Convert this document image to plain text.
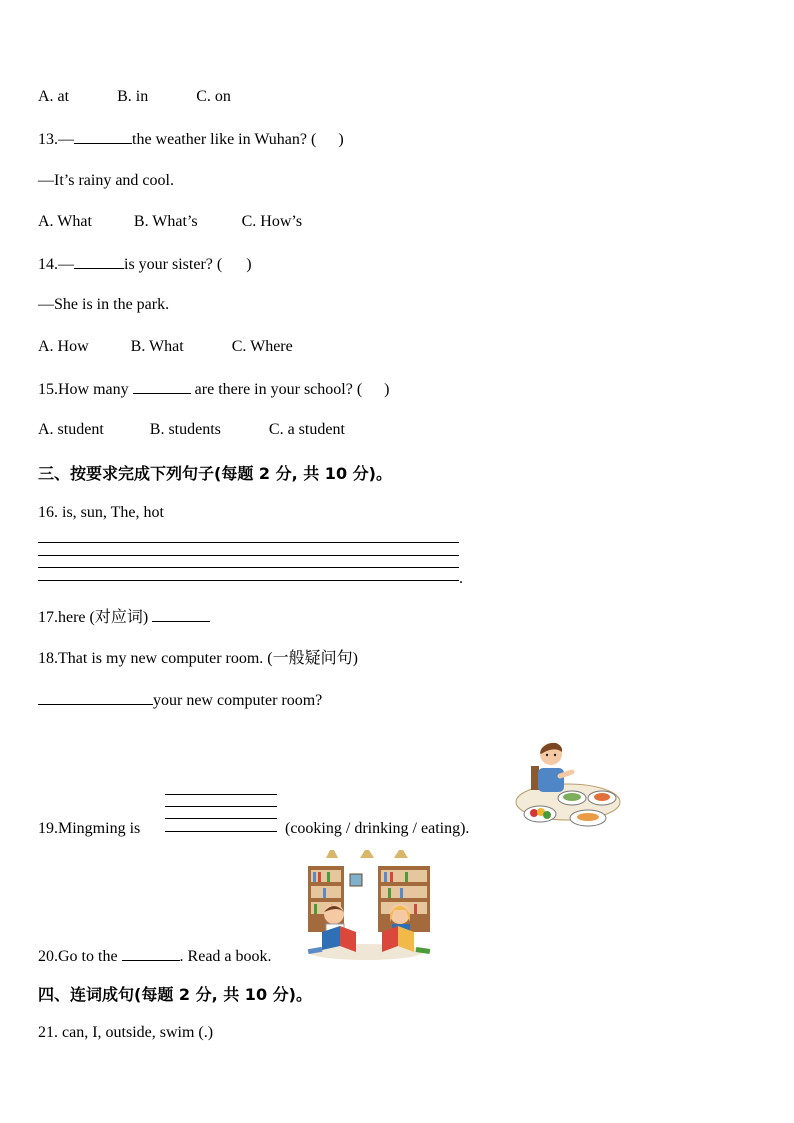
A. at	B. in	C. on
13.—	the weather like in Wuhan? ( )
—It’s rainy and cool.
A. What	B. What’s	C. How’s
14.—	is your sister? ( )
—She is in the park.
A. How	B. What	C. Where
15.How many	are there in your school? ( )
A. student	B. students	C. a student
三、按要求完成下列句子(每题 2 分, 共 10 分)。
16. is, sun, The, hot
.
17.here (对应词)
18.That is my new computer room. (一般疑问句)
your new computer room?
19.Mingming is	(cooking / drinking / eating).
20.Go to the	. Read a book.
四、连词成句(每题 2 分, 共 10 分)。
21. can, I, outside, swim (.)
